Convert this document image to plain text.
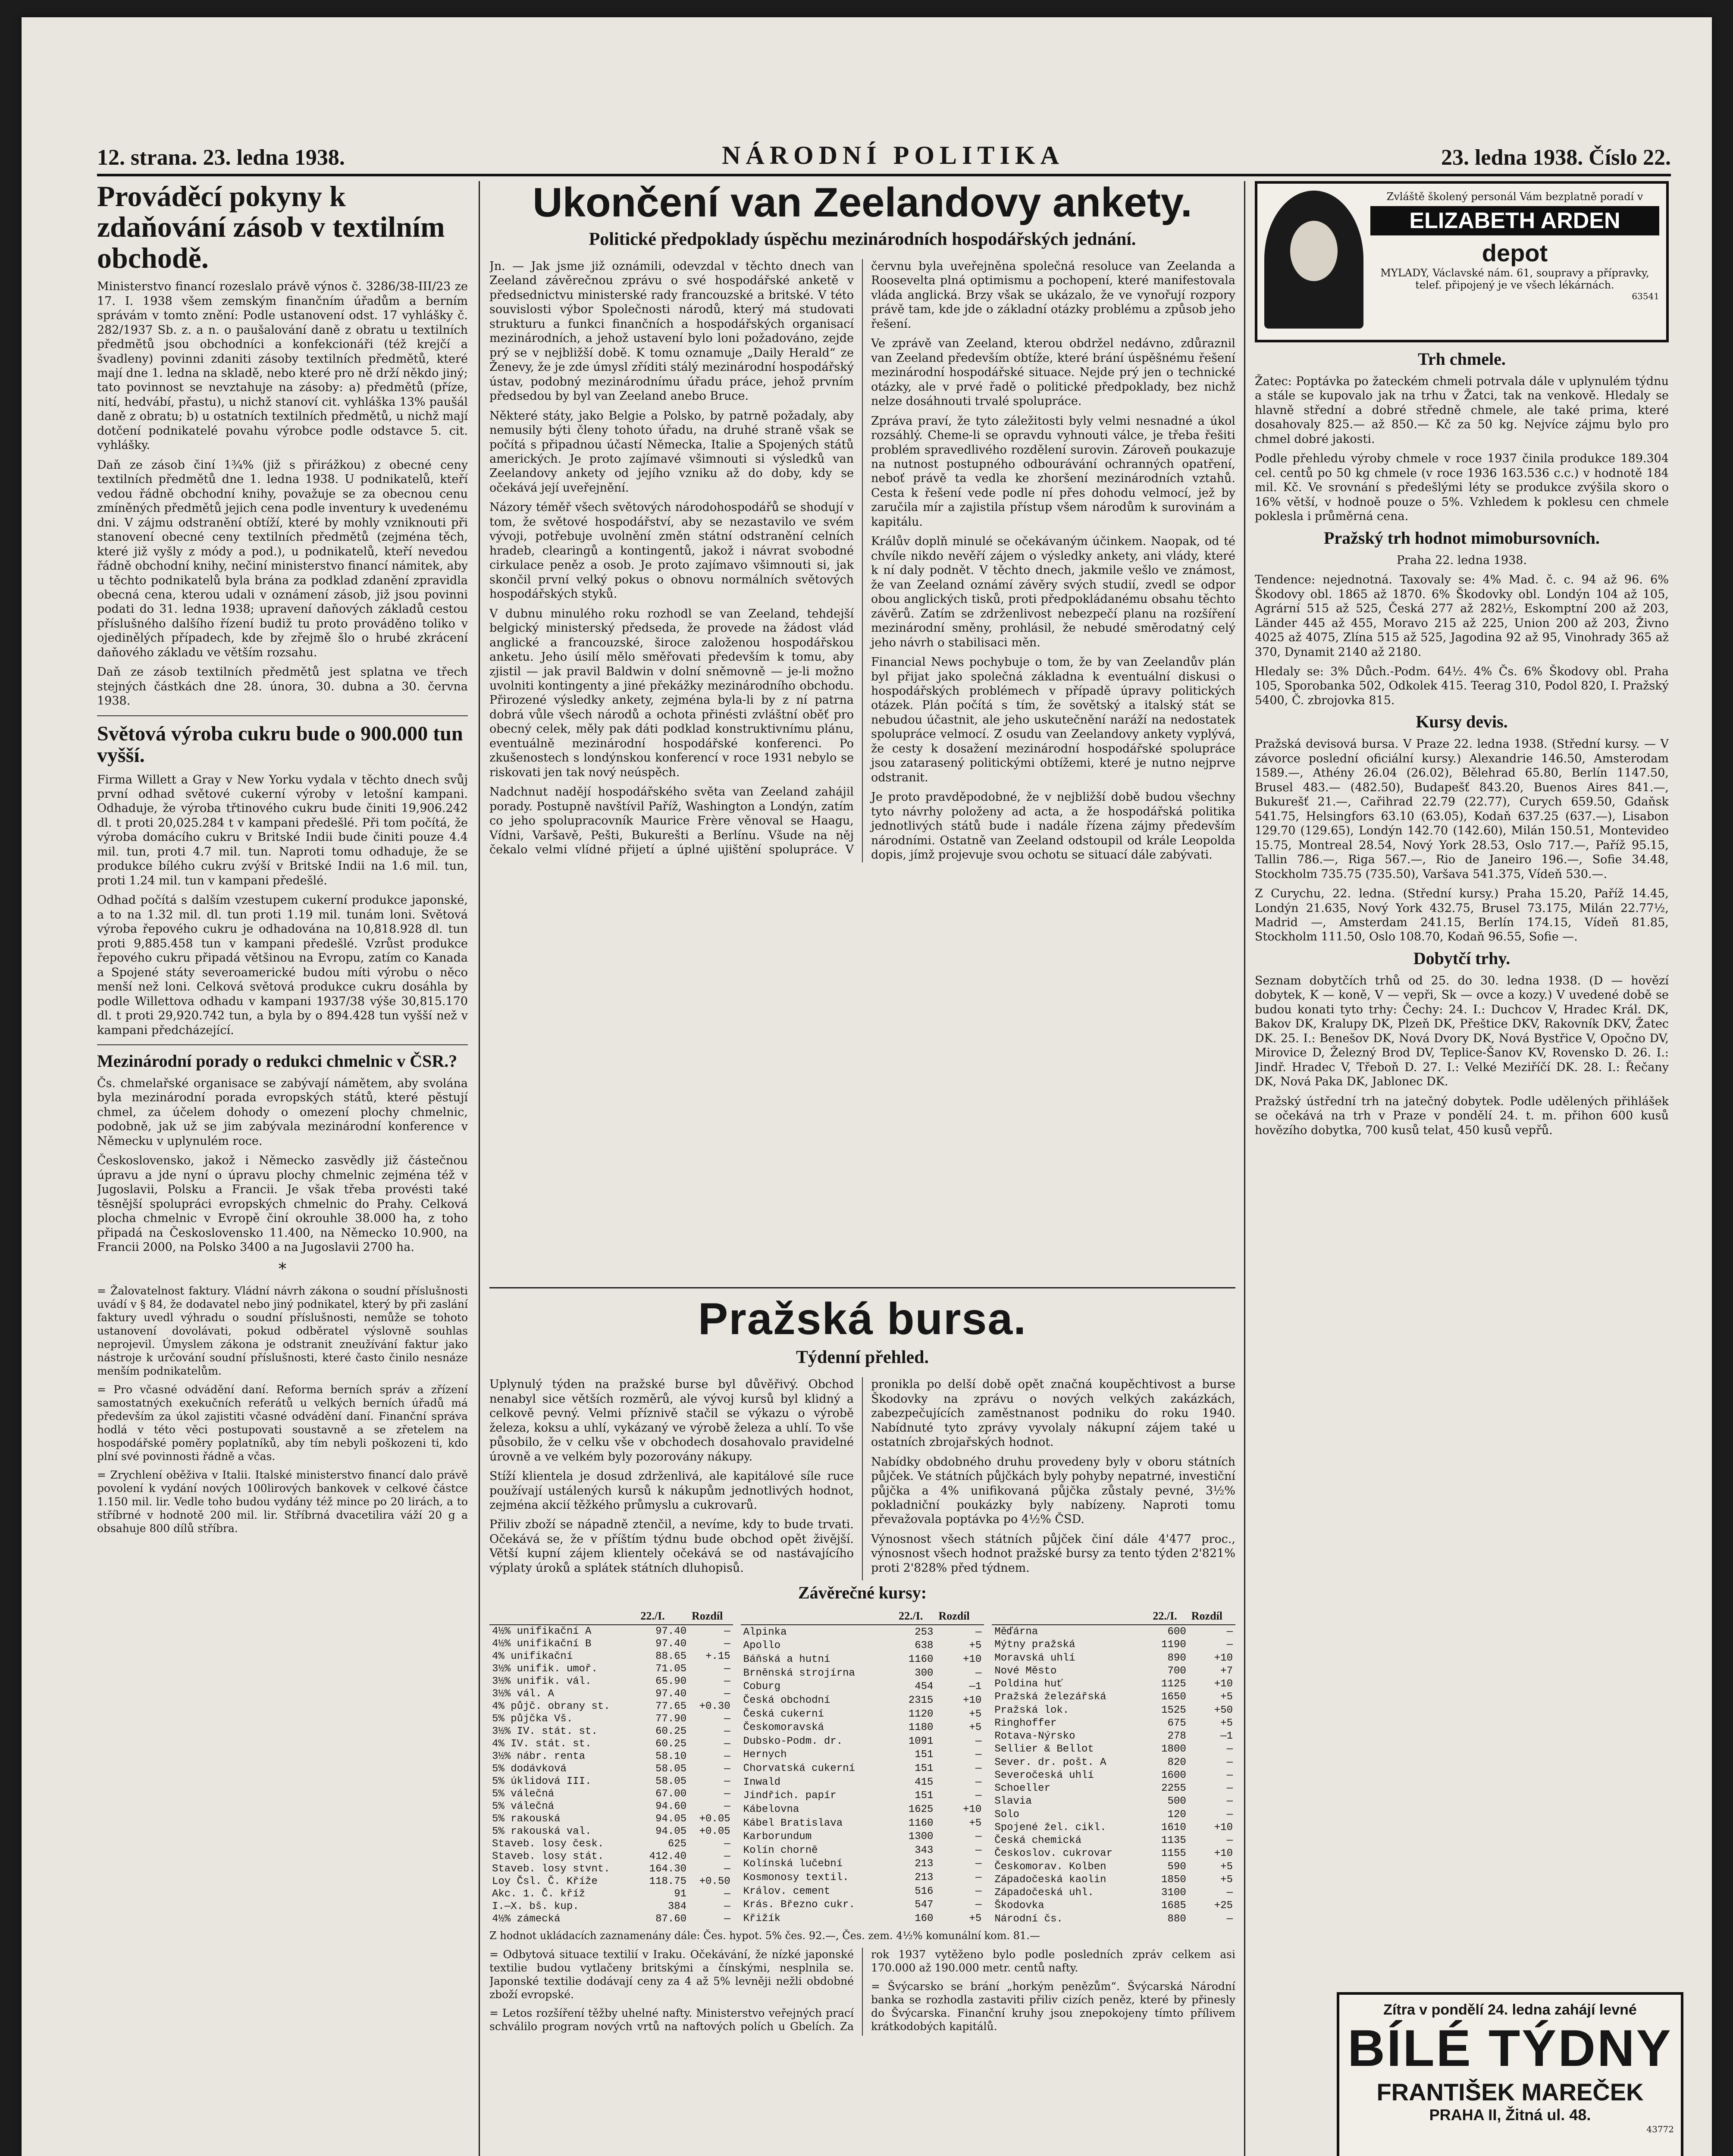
12. strana. 23. ledna 1938.	NÁRODNÍ POLITIKA	23. ledna 1938. Číslo 22.
Prováděcí pokyny k zdaňování zásob v textilním obchodě.

Ministerstvo financí rozeslalo právě výnos č. 3286/38-III/23 ze 17. I. 1938 všem zemským finančním úřadům a berním správám v tomto znění: Podle ustanovení odst. 17 vyhlášky č. 282/1937 Sb. z. a n. o paušalování daně z obratu u textilních předmětů jsou obchodníci a konfekcionáři (též krejčí a švadleny) povinni zdaniti zásoby textilních předmětů, které mají dne 1. ledna na skladě, nebo které pro ně drží někdo jiný; tato povinnost se nevztahuje na zásoby: a) předmětů (příze, nití, hedvábí, přastu), u nichž stanoví cit. vyhláška 13% paušál daně z obratu; b) u ostatních textilních předmětů, u nichž mají dotčení podnikatelé povahu výrobce podle odstavce 5. cit. vyhlášky.

Daň ze zásob činí 1¾% (již s přirážkou) z obecné ceny textilních předmětů dne 1. ledna 1938. U podnikatelů, kteří vedou řádně obchodní knihy, považuje se za obecnou cenu zmíněných předmětů jejich cena podle inventury k uvedenému dni. V zájmu odstranění obtíží, které by mohly vzniknouti při stanovení obecné ceny textilních předmětů (zejména těch, které již vyšly z módy a pod.), u podnikatelů, kteří nevedou řádně obchodní knihy, nečiní ministerstvo financí námitek, aby u těchto podnikatelů byla brána za podklad zdanění zpravidla obecná cena, kterou udali v oznámení zásob, již jsou povinni podati do 31. ledna 1938; upravení daňových základů cestou příslušného dalšího řízení budiž tu proto prováděno toliko v ojedinělých případech, kde by zřejmě šlo o hrubé zkrácení daňového základu ve větším rozsahu.

Daň ze zásob textilních předmětů jest splatna ve třech stejných částkách dne 28. února, 30. dubna a 30. června 1938.

Světová výroba cukru bude o 900.000 tun vyšší.

Firma Willett a Gray v New Yorku vydala v těchto dnech svůj první odhad světové cukerní výroby v letošní kampani. Odhaduje, že výroba třtinového cukru bude činiti 19,906.242 dl. t proti 20,025.284 t v kampani předešlé. Při tom počítá, že výroba domácího cukru v Britské Indii bude činiti pouze 4.4 mil. tun, proti 4.7 mil. tun. Naproti tomu odhaduje, že se produkce bílého cukru zvýší v Britské Indii na 1.6 mil. tun, proti 1.24 mil. tun v kampani předešlé.

Odhad počítá s dalším vzestupem cukerní produkce japonské, a to na 1.32 mil. dl. tun proti 1.19 mil. tunám loni. Světová výroba řepového cukru je odhadována na 10,818.928 dl. tun proti 9,885.458 tun v kampani předešlé. Vzrůst produkce řepového cukru připadá většinou na Evropu, zatím co Kanada a Spojené státy severoamerické budou míti výrobu o něco menší než loni. Celková světová produkce cukru dosáhla by podle Willettova odhadu v kampani 1937/38 výše 30,815.170 dl. t proti 29,920.742 tun, a byla by o 894.428 tun vyšší než v kampani předcházející.

Mezinárodní porady o redukci chmelnic v ČSR.?

Čs. chmelařské organisace se zabývají námětem, aby svolána byla mezinárodní porada evropských států, které pěstují chmel, za účelem dohody o omezení plochy chmelnic, podobně, jak už se jim zabývala mezinárodní konference v Německu v uplynulém roce.

Československo, jakož i Německo zasvědly již částečnou úpravu a jde nyní o úpravu plochy chmelnic zejména též v Jugoslavii, Polsku a Francii. Je však třeba provésti také těsnější spolupráci evropských chmelnic do Prahy. Celková plocha chmelnic v Evropě činí okrouhle 38.000 ha, z toho připadá na Československo 11.400, na Německo 10.900, na Francii 2000, na Polsko 3400 a na Jugoslavii 2700 ha.

*

= Žalovatelnost faktury. Vládní návrh zákona o soudní příslušnosti uvádí v § 84, že dodavatel nebo jiný podnikatel, který by při zaslání faktury uvedl výhradu o soudní příslušnosti, nemůže se tohoto ustanovení dovolávati, pokud odběratel výslovně souhlas neprojevil. Úmyslem zákona je odstranit zneužívání faktur jako nástroje k určování soudní příslušnosti, které často činilo nesnáze menším podnikatelům.

= Pro včasné odvádění daní. Reforma berních správ a zřízení samostatných exekučních referátů u velkých berních úřadů má především za úkol zajistiti včasné odvádění daní. Finanční správa hodlá v této věci postupovati soustavně a se zřetelem na hospodářské poměry poplatníků, aby tím nebyli poškozeni ti, kdo plní své povinnosti řádně a včas.

= Zrychlení oběživa v Italii. Italské ministerstvo financí dalo právě povolení k vydání nových 100lirových bankovek v celkové částce 1.150 mil. lir. Vedle toho budou vydány též mince po 20 lirách, a to stříbrné v hodnotě 200 mil. lir. Stříbrná dvacetilira váží 20 g a obsahuje 800 dílů stříbra.

Ukončení van Zeelandovy ankety.

Politické předpoklady úspěchu mezinárodních hospodářských jednání.

Jn. — Jak jsme již oznámili, odevzdal v těchto dnech van Zeeland závěrečnou zprávu o své hospodářské anketě v předsednictvu ministerské rady francouzské a britské. V této souvislosti výbor Společnosti národů, který má studovati strukturu a funkci finančních a hospodářských organisací mezinárodních, a jehož ustavení bylo loni požadováno, zejde prý se v nejbližší době. K tomu oznamuje „Daily Herald“ ze Ženevy, že je zde úmysl zříditi stálý mezinárodní hospodářský ústav, podobný mezinárodnímu úřadu práce, jehož prvním předsedou by byl van Zeeland anebo Bruce.

Některé státy, jako Belgie a Polsko, by patrně požadaly, aby nemusily býti členy tohoto úřadu, na druhé straně však se počítá s připadnou účastí Německa, Italie a Spojených států amerických. Je proto zajímavé všimnouti si výsledků van Zeelandovy ankety od jejího vzniku až do doby, kdy se očekává její uveřejnění.

Názory téměř všech světových národohospodářů se shodují v tom, že světové hospodářství, aby se nezastavilo ve svém vývoji, potřebuje uvolnění změn státní odstranění celních hradeb, clearingů a kontingentů, jakož i návrat svobodné cirkulace peněz a osob. Je proto zajímavo všimnouti si, jak skončil první velký pokus o obnovu normálních světových hospodářských styků.

V dubnu minulého roku rozhodl se van Zeeland, tehdejší belgický ministerský předseda, že provede na žádost vlád anglické a francouzské, široce založenou hospodářskou anketu. Jeho úsilí mělo směřovati především k tomu, aby zjistil — jak pravil Baldwin v dolní sněmovně — je-li možno uvolniti kontingenty a jiné překážky mezinárodního obchodu. Přirozené výsledky ankety, zejména byla-li by z ní patrna dobrá vůle všech národů a ochota přinésti zvláštní oběť pro obecný celek, měly pak dáti podklad konstruktivnímu plánu, eventuálně mezinárodní hospodářské konferenci. Po zkušenostech s londýnskou konferencí v roce 1931 nebylo se riskovati jen tak nový neúspěch.

Nadchnut nadějí hospodářského světa van Zeeland zahájil porady. Postupně navštívil Paříž, Washington a Londýn, zatím co jeho spolupracovník Maurice Frère věnoval se Haagu, Vídni, Varšavě, Pešti, Bukurešti a Berlínu. Všude na něj čekalo velmi vlídné přijetí a úplné ujištění spolupráce. V červnu byla uveřejněna společná resoluce van Zeelanda a Rooseveltа plná optimismu a pochopení, které manifestovala vláda anglická. Brzy však se ukázalo, že ve vynořují rozpory právě tam, kde jde o základní otázky problému a způsob jeho řešení.

Ve zprávě van Zeeland, kterou obdržel nedávno, zdůraznil van Zeeland především obtíže, které brání úspěšnému řešení mezinárodní hospodářské situace. Nejde prý jen o technické otázky, ale v prvé řadě o politické předpoklady, bez nichž nelze dosáhnouti trvalé spolupráce.

Zpráva praví, že tyto záležitosti byly velmi nesnadné a úkol rozsáhlý. Cheme-li se opravdu vyhnouti válce, je třeba řešiti problém spravedlivého rozdělení surovin. Zároveň poukazuje na nutnost postupného odbourávání ochranných opatření, neboť právě ta vedla ke zhoršení mezinárodních vztahů. Cesta k řešení vede podle ní přes dohodu velmocí, jež by zaručila mír a zajistila přístup všem národům k surovinám a kapitálu.

Králův doplň minulé se očekávaným účinkem. Naopak, od té chvíle nikdo nevěří zájem o výsledky ankety, ani vlády, které k ní daly podnět. V těchto dnech, jakmile vešlo ve známost, že van Zeeland oznámí závěry svých studií, zvedl se odpor obou anglických tisků, proti předpokládanému obsahu těchto závěrů. Zatím se zdrženlivost nebezpečí planu na rozšíření mezinárodní směny, prohlásil, že nebudé směrodatný celý jeho návrh o stabilisaci měn.

Financial News pochybuje o tom, že by van Zeelandův plán byl přijat jako společná základna k eventuální diskusi o hospodářských problémech v případě úpravy politických otázek. Plán počítá s tím, že sovětský a italský stát se nebudou účastnit, ale jeho uskutečnění naráží na nedostatek spolupráce velmocí. Z osudu van Zeelandovy ankety vyplývá, že cesty k dosažení mezinárodní hospodářské spolupráce jsou zatarasený politickými obtížemi, které je nutno nejprve odstranit.

Je proto pravděpodobné, že v nejbližší době budou všechny tyto návrhy položeny ad acta, a že hospodářská politika jednotlivých států bude i nadále řízena zájmy především národními. Ostatně van Zeeland odstoupil od krále Leopolda dopis, jímž projevuje svou ochotu se situací dále zabývati.

Pražská bursa.

Týdenní přehled.

Uplynulý týden na pražské burse byl důvěřivý. Obchod nenabyl sice větších rozměrů, ale vývoj kursů byl klidný a celkově pevný. Velmi příznivě stačil se výkazu o výrobě železa, koksu a uhlí, vykázaný ve výrobě železa a uhlí. To vše působilo, že v celku vše v obchodech dosahovalo pravidelné úrovně a ve velkém byly pozorovány nákupy.

Stíží klientela je dosud zdrženlivá, ale kapitálové síle ruce používají ustálených kursů k nákupům jednotlivých hodnot, zejména akcií těžkého průmyslu a cukrovarů.

Přiliv zboží se nápadně ztenčil, a nevíme, kdy to bude trvati. Očekává se, že v příštím týdnu bude obchod opět živější. Větší kupní zájem klientely očekává se od nastávajícího výplaty úroků a splátek státních dluhopisů.

pronikla po delší době opět značná koupěchtivost a burse Škodovky na zprávu o nových velkých zakázkách, zabezpečujících zaměstnanost podniku do roku 1940. Nabídnuté tyto zprávy vyvolaly nákupní zájem také u ostatních zbrojařských hodnot.

Nabídky obdobného druhu provedeny byly v oboru státních půjček. Ve státních půjčkách byly pohyby nepatrné, investiční půjčka a 4% unifikovaná půjčka zůstaly pevné, 3½% pokladniční poukázky byly nabízeny. Naproti tomu převažovala poptávka po 4½% ČSD.

Výnosnost všech státních půjček činí dále 4'477 proc., výnosnost všech hodnot pražské bursy za tento týden 2'821% proti 2'828% před týdnem.

Závěrečné kursy:
	22./I.	Rozdíl
4½% unifikační A	97.40	—
4½% unifikační B	97.40	—
4% unifikační	88.65	+.15
3½% unifik. umoř.	71.05	—
3½% unifik. vál.	65.90	—
3½% vál. A	97.40	—
4% půjč. obrany st.	77.65	+0.30
5% půjčka Vš.	77.90	—
3½% IV. stát. st.	60.25	—
4% IV. stát. st.	60.25	—
3½% nábr. renta	58.10	—
5% dodávková	58.05	—
5% úklidová III.	58.05	—
5% válečná	67.00	—
5% válečná	94.60	—
5% rakouská	94.05	+0.05
5% rakouská val.	94.05	+0.05
Staveb. losy česk.	625	—
Staveb. losy stát.	412.40	—
Staveb. losy stvnt.	164.30	—
Loy Čsl. Č. Kříže	118.75	+0.50
Akc. 1. Č. kříž	91	—
I.—X. bš. kup.	384	—
4½% zámecká	87.60	—
	22./I.	Rozdíl
Alpinka	253	—
Apollo	638	+5
Báňská a hutní	1160	+10
Brněnská strojírna	300	—
Coburg	454	—1
Česká obchodní	2315	+10
Česká cukerní	1120	+5
Českomoravská	1180	+5
Dubsko-Podm. dr.	1091	—
Hernych	151	—
Chorvatská cukerní	151	—
Inwald	415	—
Jindřich. papír	151	—
Kábelovna	1625	+10
Kábel Bratislava	1160	+5
Karborundum	1300	—
Kolín chorně	343	—
Kolínská lučební	213	—
Kosmonosy textil.	213	—
Králov. cement	516	—
Krás. Březno cukr.	547	—
Křižík	160	+5
	22./I.	Rozdíl
Měďárna	600	—
Mýtny pražská	1190	—
Moravská uhlí	890	+10
Nové Město	700	+7
Poldina huť	1125	+10
Pražská železářská	1650	+5
Pražská lok.	1525	+50
Ringhoffer	675	+5
Rotava-Nýrsko	278	—1
Sellier & Bellot	1800	—
Sever. dr. pošt. A	820	—
Severočeská uhlí	1600	—
Schoeller	2255	—
Slavia	500	—
Solo	120	—
Spojené žel. cikl.	1610	+10
Česká chemická	1135	—
Českoslov. cukrovar	1155	+10
Českomorav. Kolben	590	+5
Západočeská kaolin	1850	+5
Západočeská uhl.	3100	—
Škodovka	1685	+25
Národní čs.	880	—

Z hodnot ukládacích zaznamenány dále: Čes. hypot. 5% čes. 92.—, Čes. zem. 4½% komunální kom. 81.—

= Odbytová situace textilií v Iraku. Očekávání, že nízké japonské textilie budou vytlačeny britskými a čínskými, nesplnila se. Japonské textilie dodávají ceny za 4 až 5% levněji nežli obdobné zboží evropské.

= Letos rozšíření těžby uhelné nafty. Ministerstvo veřejných prací schválilo program nových vrtů na naftových polích u Gbelích. Za rok 1937 vytěženo bylo podle posledních zpráv celkem asi 170.000 až 190.000 metr. centů nafty.

= Švýcarsko se brání „horkým penězům“. Švýcarská Národní banka se rozhodla zastaviti přiliv cizích peněz, které by přinesly do Švýcarska. Finanční kruhy jsou znepokojeny tímto přílivem krátkodobých kapitálů.

Zvláště školený personál Vám bezplatně poradí v
ELIZABETH ARDEN
depot
MYLADY, Václavské nám. 61, soupravy a přípravky, telef. připojený je ve všech lékárnách.
63541
Trh chmele.

Žatec: Poptávka po žateckém chmeli potrvala dále v uplynulém týdnu a stále se kupovalo jak na trhu v Žatci, tak na venkově. Hledaly se hlavně střední a dobré středně chmele, ale také prima, které dosahovaly 825.— až 850.— Kč za 50 kg. Nejvíce zájmu bylo pro chmel dobré jakosti.

Podle přehledu výroby chmele v roce 1937 činila produkce 189.304 cel. centů po 50 kg chmele (v roce 1936 163.536 c.c.) v hodnotě 184 mil. Kč. Ve srovnání s předešlými léty se produkce zvýšila skoro o 16% větší, v hodnoě pouze o 5%. Vzhledem k poklesu cen chmele poklesla i průměrná cena.

Pražský trh hodnot mimobursovních.

Praha 22. ledna 1938.

Tendence: nejednotná. Taxovaly se: 4% Mad. č. c. 94 až 96. 6% Škodovy obl. 1865 až 1870. 6% Škodovky obl. Londýn 104 až 105, Agrární 515 až 525, Česká 277 až 282½, Eskomptní 200 až 203, Länder 445 až 455, Moravo 215 až 225, Union 200 až 203, Živno 4025 až 4075, Zlína 515 až 525, Jagodina 92 až 95, Vinohrady 365 až 370, Dynamit 2140 až 2180.

Hledaly se: 3% Důch.-Podm. 64½. 4% Čs. 6% Škodovy obl. Praha 105, Sporobanka 502, Odkolek 415. Teerag 310, Podol 820, I. Pražský 5400, Č. zbrojovka 815.

Kursy devis.

Pražská devisová bursa. V Praze 22. ledna 1938. (Střední kursy. — V závorce poslední oficiální kursy.) Alexandrie 146.50, Amsterodam 1589.—, Athény 26.04 (26.02), Bělehrad 65.80, Berlín 1147.50, Brusel 483.— (482.50), Budapešť 843.20, Buenos Aires 841.—, Bukurešť 21.—, Cařihrad 22.79 (22.77), Curych 659.50, Gdaňsk 541.75, Helsingfors 63.10 (63.05), Kodaň 637.25 (637.—), Lisabon 129.70 (129.65), Londýn 142.70 (142.60), Milán 150.51, Montevideo 15.75, Montreal 28.54, Nový York 28.53, Oslo 717.—, Paříž 95.15, Tallin 786.—, Riga 567.—, Rio de Janeiro 196.—, Sofie 34.48, Stockholm 735.75 (735.50), Varšava 541.375, Vídeň 530.—.

Z Curychu, 22. ledna. (Střední kursy.) Praha 15.20, Paříž 14.45, Londýn 21.635, Nový York 432.75, Brusel 73.175, Milán 22.77½, Madrid —, Amsterdam 241.15, Berlín 174.15, Vídeň 81.85, Stockholm 111.50, Oslo 108.70, Kodaň 96.55, Sofie —.

Dobytčí trhy.

Seznam dobytčích trhů od 25. do 30. ledna 1938. (D — hovězí dobytek, K — koně, V — vepři, Sk — ovce a kozy.) V uvedené době se budou konati tyto trhy: Čechy: 24. I.: Duchcov V, Hradec Král. DK, Bakov DK, Kralupy DK, Plzeň DK, Přeštice DKV, Rakovník DKV, Žatec DK. 25. I.: Benešov DK, Nová Dvory DK, Nová Bystřice V, Opočno DV, Mirovice D, Železný Brod DV, Teplice-Šanov KV, Rovensko D. 26. I.: Jindř. Hradec V, Třeboň D. 27. I.: Velké Meziříčí DK. 28. I.: Řečany DK, Nová Paka DK, Jablonec DK.

Pražský ústřední trh na jatečný dobytek. Podle udělených přihlášek se očekává na trh v Praze v pondělí 24. t. m. přihon 600 kusů hovězího dobytka, 700 kusů telat, 450 kusů vepřů.

Zítra v pondělí 24. ledna zahájí levné
BÍLÉ TÝDNY
FRANTIŠEK MAREČEK
PRAHA II, Žitná ul. 48.
43772
